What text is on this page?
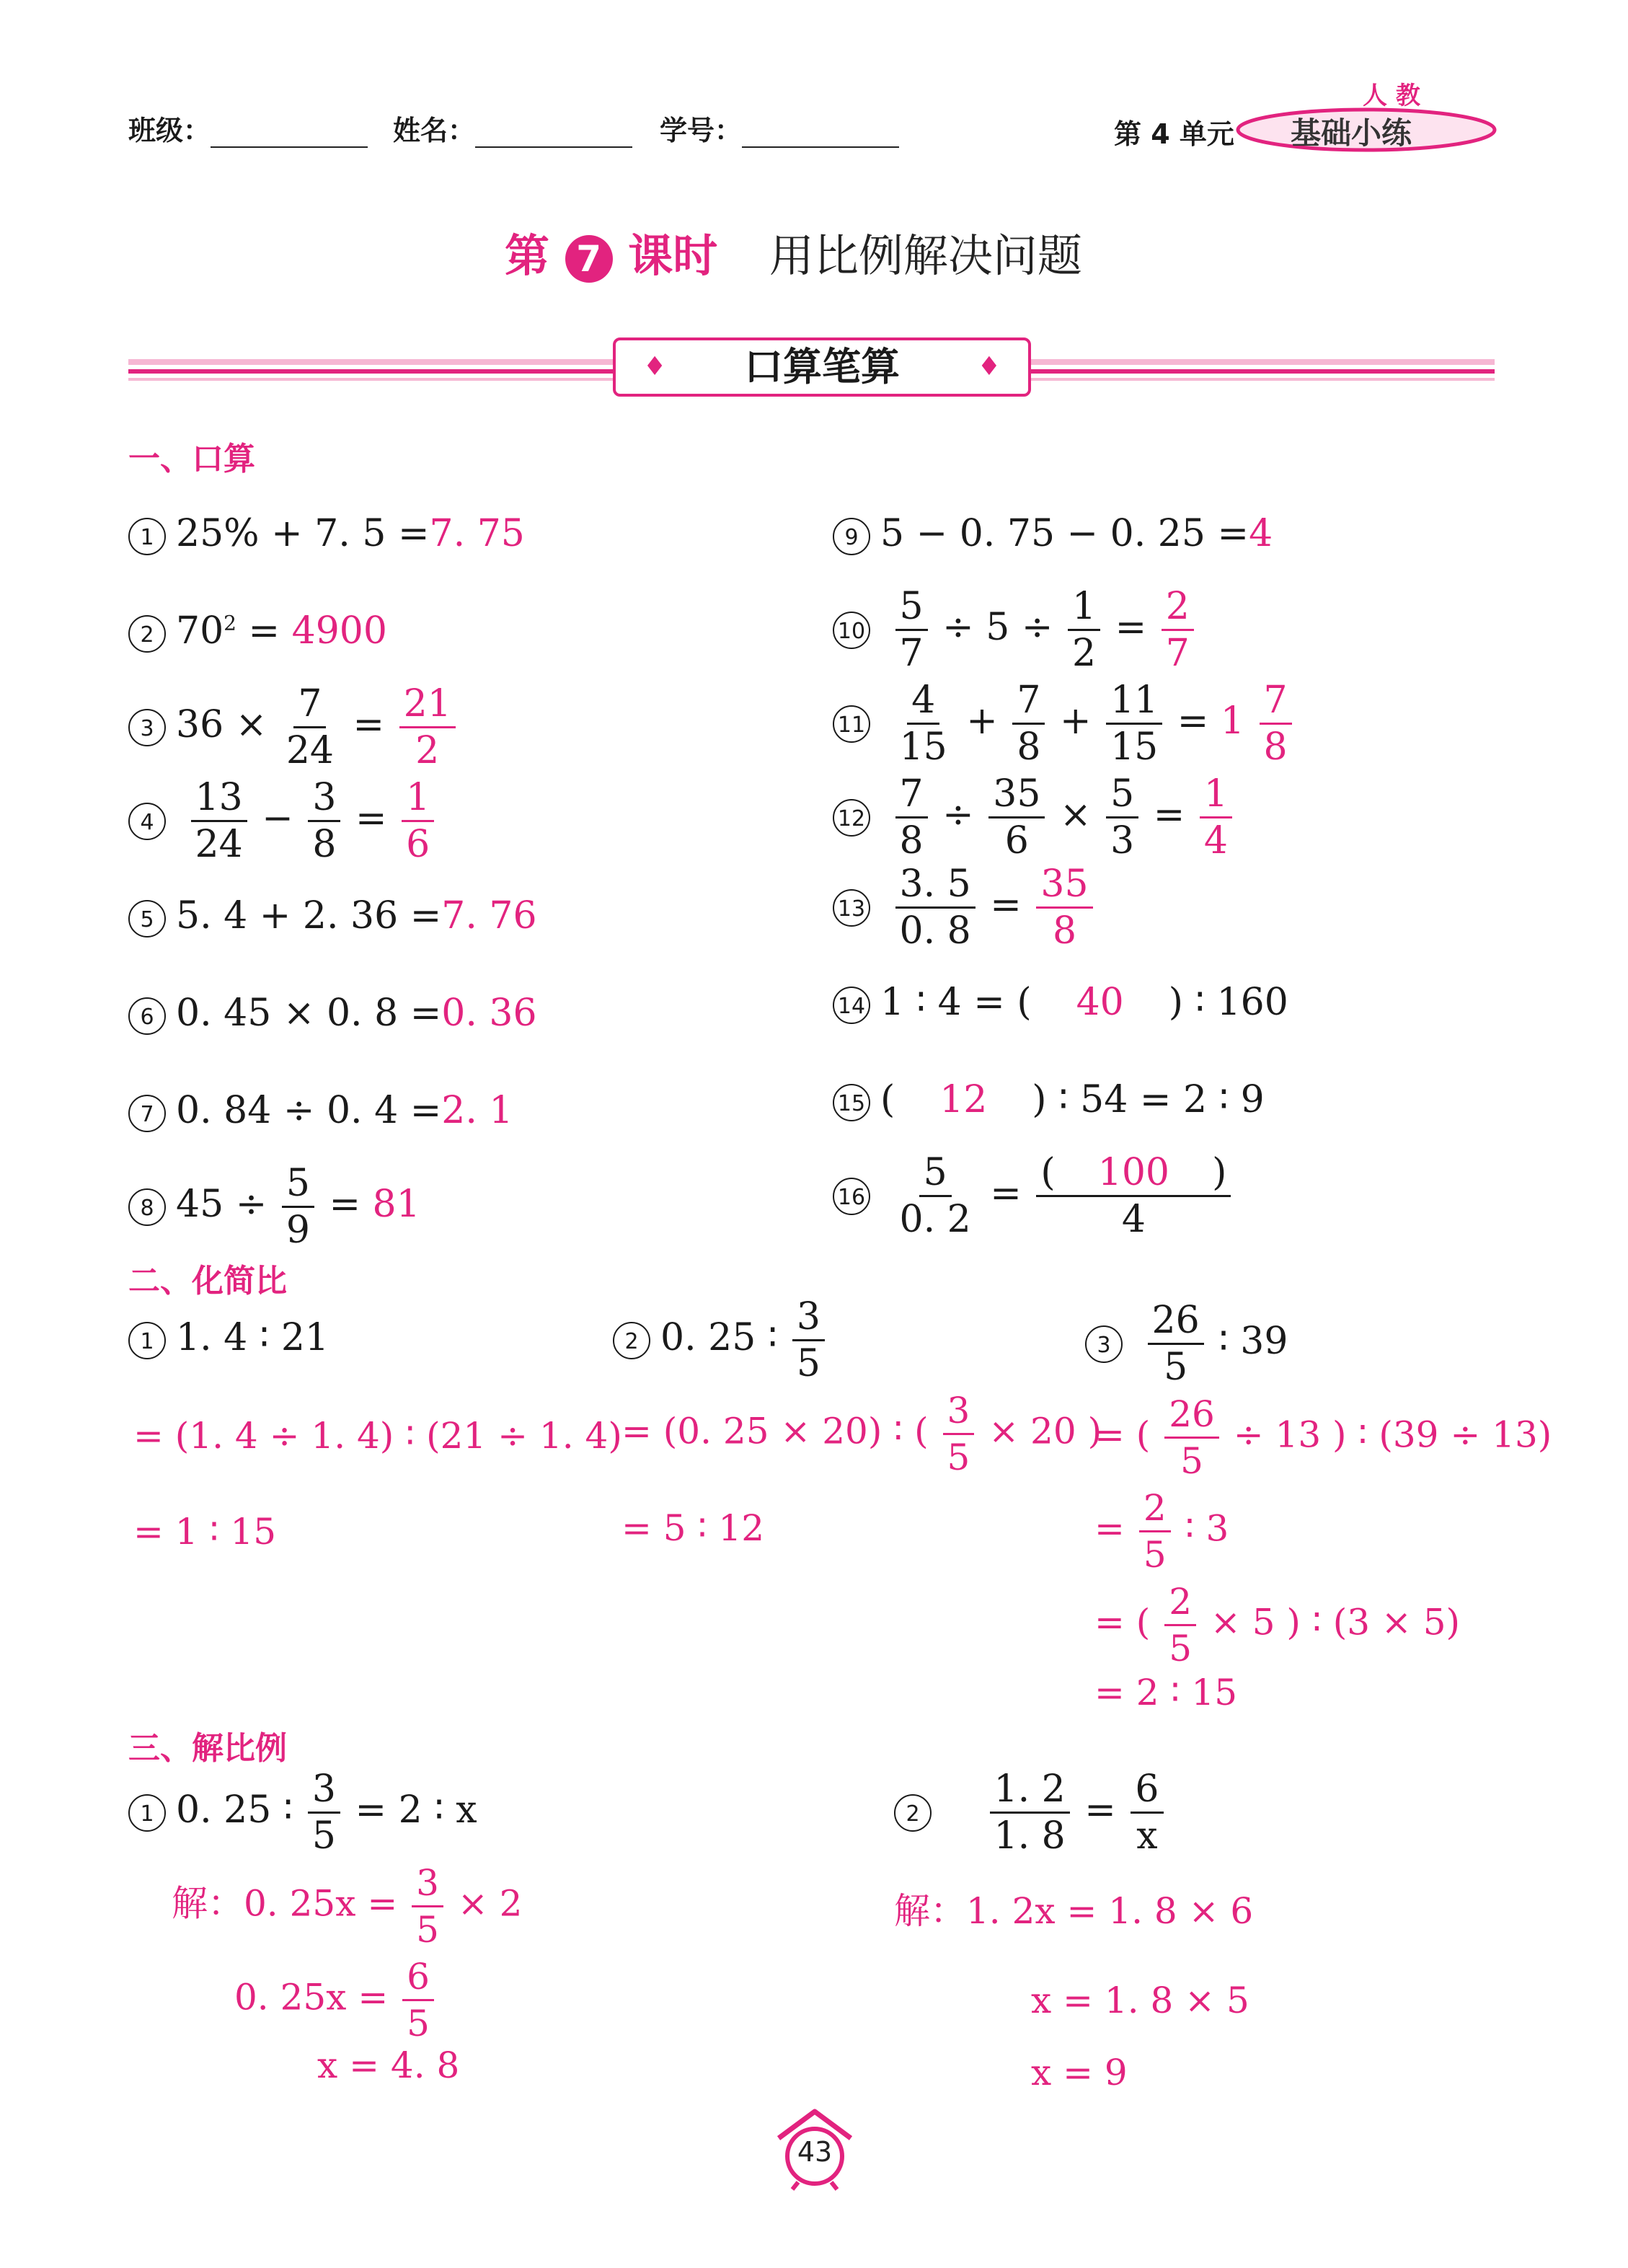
班级：	姓名：	学号：	第 4 单元
人 教
基础小练
第 7 课时 用比例解决问题
♦ 口算笔算	♦
一、口算
1 25% + 7. 5 =7. 75
2 $70^2 = 4900$
3 $36 \times \frac{7}{24} = \frac{21}{2}$
$4 \frac{13}{24} - \frac{3}{8} = \frac{1}{6}$
5 5. 4 + 2. 36 =7. 76
6 0. 45 × 0. 8 =0. 36
7 0. 84 ÷ 0. 4 =2. 1
8 $45 \div \frac{5}{9} = 81$
9 5 − 0. 75 − 0. 25 =4
$10 \frac{5}{7} \div 5 \div \frac{1}{2} = \frac{2}{7}$
$11 \frac{4}{15} + \frac{7}{8} + \frac{11}{15} = 1 \frac{7}{8}$
$12 \frac{7}{8} \div \frac{35}{6} \times \frac{5}{3} = \frac{1}{4}$
$13 \frac{3. 5}{0. 8} = \frac{35}{8}$
14 1 ∶ 4 = ( 40 ) ∶ 160
15 ( 12 ) ∶ 54 = 2 ∶ 9
$16 \frac{5}{0. 2} = \frac{( 100 )}{4}$
二、化简比
1 1. 4 ∶ 21
= (1. 4 ÷ 1. 4) ∶ (21 ÷ 1. 4)
= 1 ∶ 15
2 0. 25 ∶ $\frac{3}{5}$
= (0. 25 × 20) ∶ ( $\frac{3}{5} \times 20$ )
= 5 ∶ 12
$3 \frac{26}{5}$ ∶ 39
= ( $\frac{26}{5} \div 13$ ) ∶ (39 ÷ 13)
= $\frac{2}{5}$ ∶ 3
= ( $\frac{2}{5} \times 5$ ) ∶ (3 × 5)
= 2 ∶ 15
三、解比例
1 0. 25 ∶ $\frac{3}{5} = 2$ ∶ x
解：0. $25x = \frac{3}{5} \times 2$
0. $25x = \frac{6}{5}$
x = 4. 8
$2 \frac{1. 2}{1. 8} = \frac{6}{x}$
解：1. 2x = 1. 8 × 6
x = 1. 8 × 5
x = 9
43
